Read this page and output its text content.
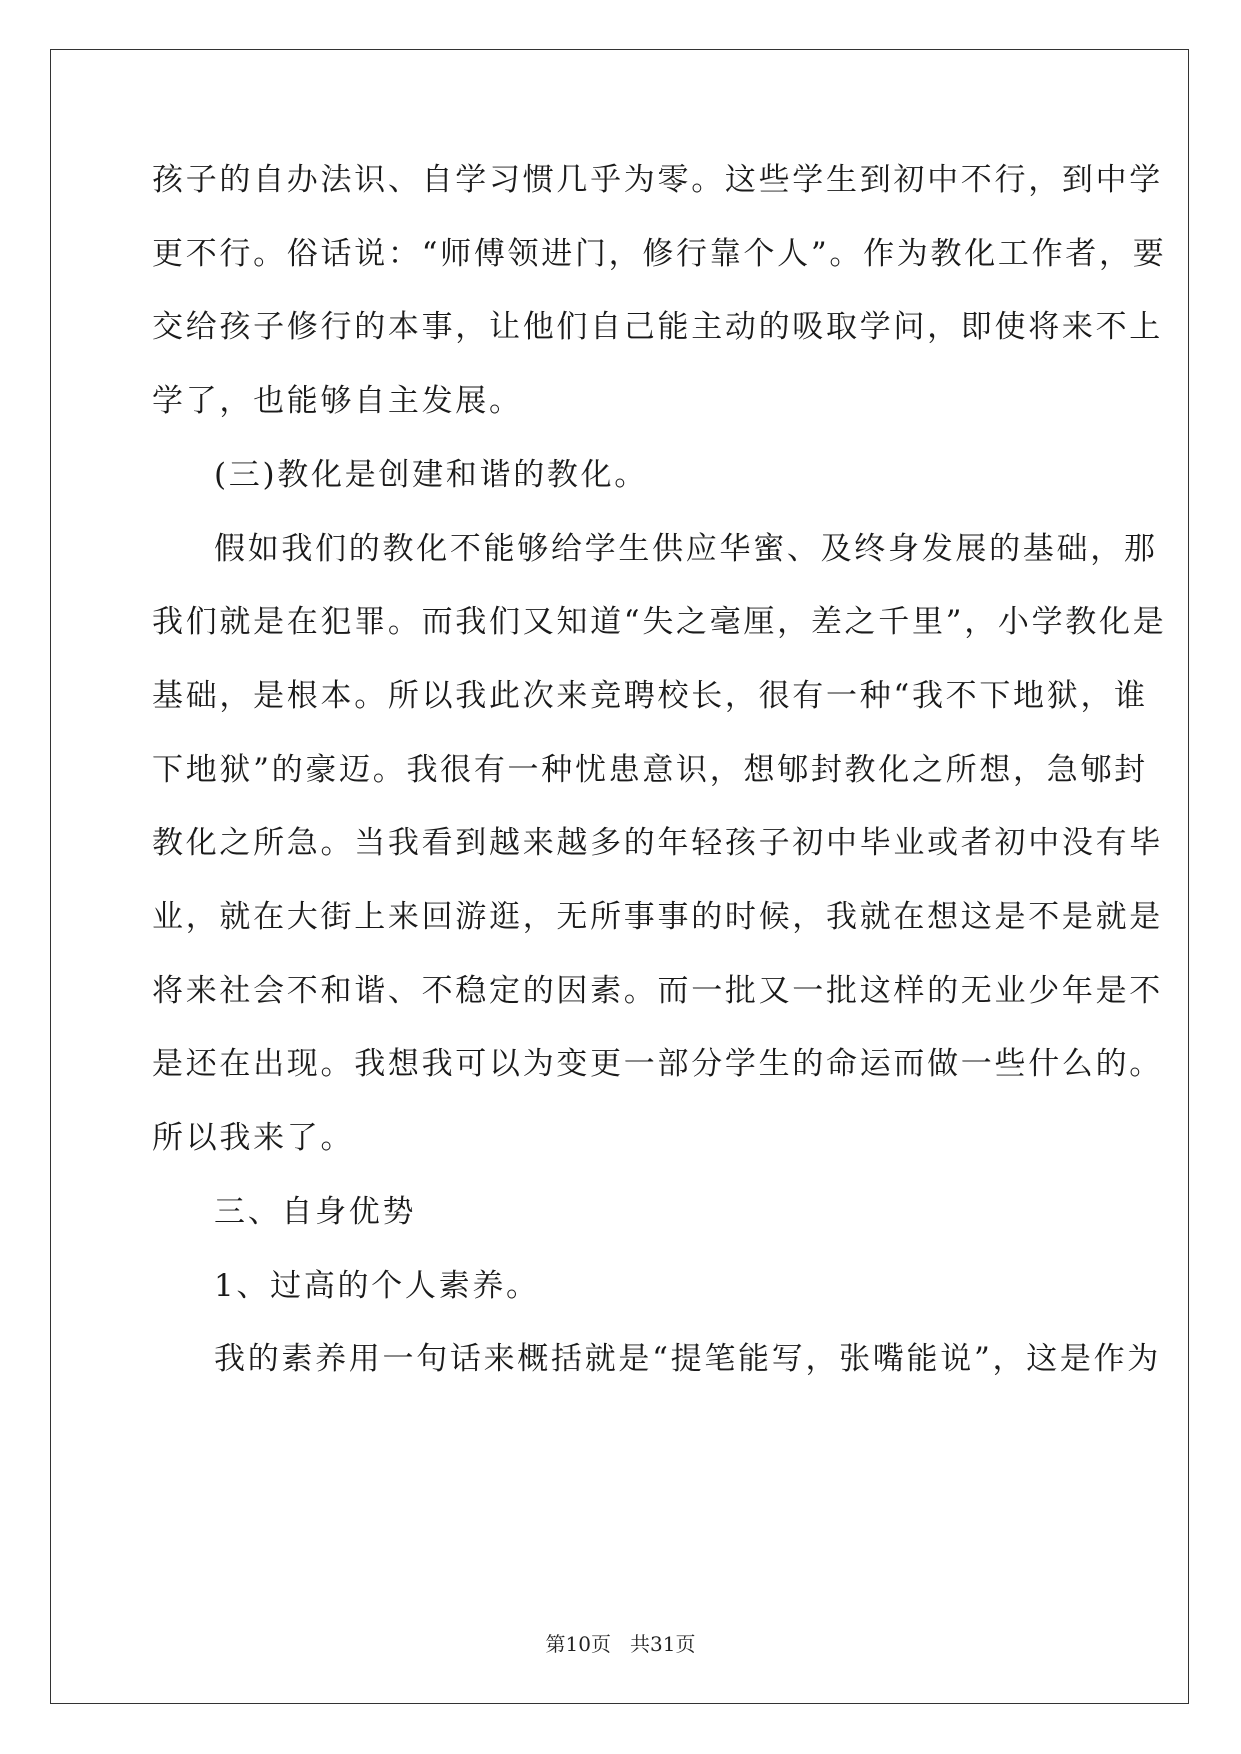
孩子的自办法识、自学习惯几乎为零。这些学生到初中不行，到中学
更不行。俗话说：“师傅领进门，修行靠个人”。作为教化工作者，要
交给孩子修行的本事，让他们自己能主动的吸取学问，即使将来不上
学了，也能够自主发展。
(三)教化是创建和谐的教化。
假如我们的教化不能够给学生供应华蜜、及终身发展的基础，那
我们就是在犯罪。而我们又知道“失之毫厘，差之千里”，小学教化是
基础，是根本。所以我此次来竞聘校长，很有一种“我不下地狱，谁
下地狱”的豪迈。我很有一种忧患意识，想郇封教化之所想，急郇封
教化之所急。当我看到越来越多的年轻孩子初中毕业或者初中没有毕
业，就在大街上来回游逛，无所事事的时候，我就在想这是不是就是
将来社会不和谐、不稳定的因素。而一批又一批这样的无业少年是不
是还在出现。我想我可以为变更一部分学生的命运而做一些什么的。
所以我来了。
三、自身优势
1、过高的个人素养。
我的素养用一句话来概括就是“提笔能写，张嘴能说”，这是作为
第10页 共31页
